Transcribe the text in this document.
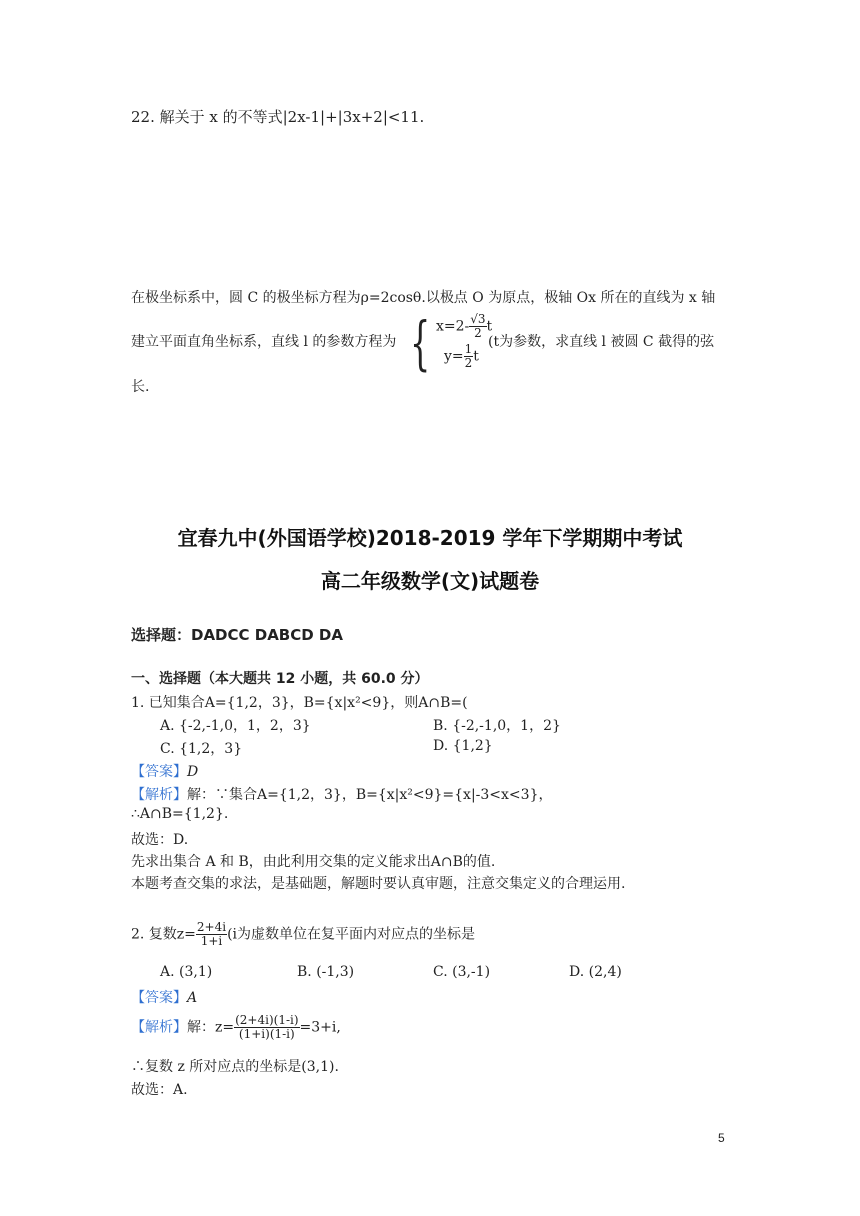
22. 解关于 x 的不等式|2x-1|+|3x+2|<11.
在极坐标系中，圆 C 的极坐标方程为ρ=2cosθ.以极点 O 为原点，极轴 Ox 所在的直线为 x 轴
建立平面直角坐标系，直线 l 的参数方程为 { $x=2- \frac{√3}{2}$ t
$y= \frac{1}{2}$ t
(t为参数，求直线 l 被圆 C 截得的弦
长.
宜春九中(外国语学校)2018-2019 学年下学期期中考试
高二年级数学(文)试题卷
选择题：DADCC DABCD DA
一、选择题（本大题共 12 小题，共 60.0 分）
1. 已知集合A={1,2，3}，B={x|x²<9}，则A∩B=(
A. {-2,-1,0，1，2，3}	B. {-2,-1,0，1，2}
C. {1,2，3}	D. {1,2}
【答案】D
【解析】解：∵集合A={1,2，3}，B={x|x²<9}={x|-3<x<3}，
∴A∩B={1,2}.
故选：D.
先求出集合 A 和 B，由此利用交集的定义能求出A∩B的值.
本题考查交集的求法，是基础题，解题时要认真审题，注意交集定义的合理运用.
2. 复数$z= \frac{2+4i}{1+i} (i$为虚数单位在复平面内对应点的坐标是
A. (3,1)	B. (-1,3)	C. (3,-1)	D. (2,4)
【答案】A
【解析】解：$z= \frac{(2+4i)(1-i)}{(1+i)(1-i)} =3+i$,
∴复数 z 所对应点的坐标是(3,1).
故选：A.
5
